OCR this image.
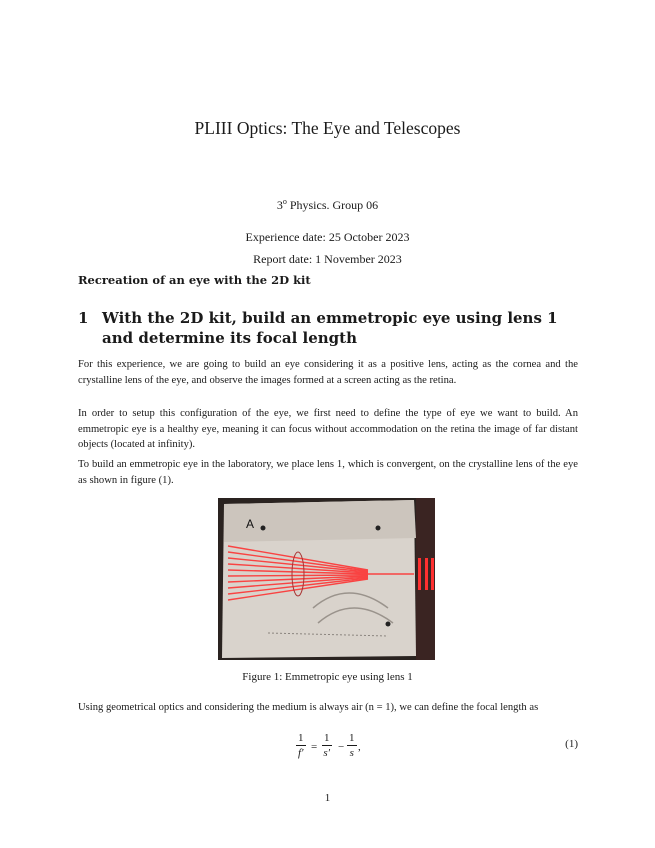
PLIII Optics: The Eye and Telescopes
3$^o$ Physics. Group 06
Experience date: 25 October 2023
Report date: 1 November 2023
Recreation of an eye with the 2D kit
1 With the 2D kit, build an emmetropic eye using lens 1 and determine its focal length
For this experience, we are going to build an eye considering it as a positive lens, acting as the cornea and the crystalline lens of the eye, and observe the images formed at a screen acting as the retina.
In order to setup this configuration of the eye, we first need to define the type of eye we want to build. An emmetropic eye is a healthy eye, meaning it can focus without accommodation on the retina the image of far distant objects (located at infinity).
To build an emmetropic eye in the laboratory, we place lens 1, which is convergent, on the crystalline lens of the eye as shown in figure (1).
A
Figure 1: Emmetropic eye using lens 1
Using geometrical optics and considering the medium is always air (n = 1), we can define the focal length as
$\frac{1}{f'} = \frac{1}{s'} - \frac{1}{s}$ ,	(1)
1
